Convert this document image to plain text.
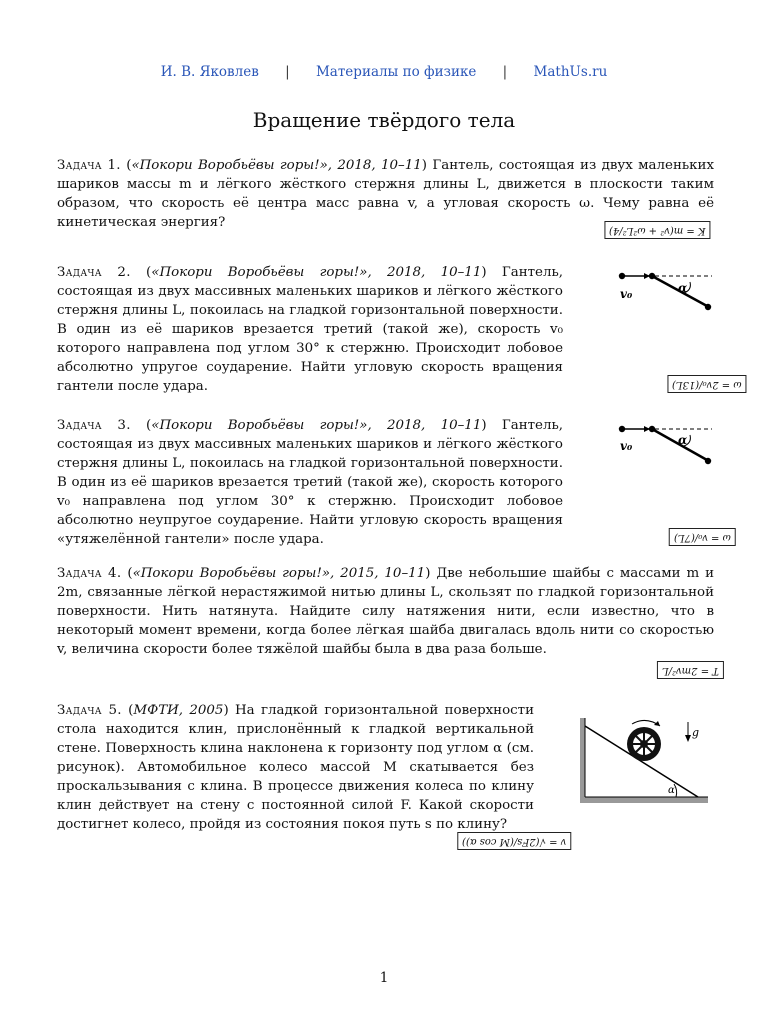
И. В. Яковлев | Материалы по физике | MathUs.ru
Вращение твёрдого тела
Задача 1. («Покори Воробьёвы горы!», 2018, 10–11) Гантель, состоящая из двух маленьких шариков массы m и лёгкого жёсткого стержня длины L, движется в плоскости таким образом, что скорость её центра масс равна v, а угловая скорость ω. Чему равна её кинетическая энергия?
K = m(v² + ω²L²/4)
Задача 2. («Покори Воробьёвы горы!», 2018, 10–11) Гантель, состоящая из двух массивных маленьких шариков и лёгкого жёсткого стержня длины L, покоилась на гладкой горизонтальной поверхности. В один из её шариков врезается третий (такой же), скорость v₀ которого направлена под углом 30° к стержню. Происходит лобовое абсолютно упругое соударение. Найти угловую скорость вращения гантели после удара.
v₀	α
ω = 2v₀/(13L)
Задача 3. («Покори Воробьёвы горы!», 2018, 10–11) Гантель, состоящая из двух массивных маленьких шариков и лёгкого жёсткого стержня длины L, покоилась на гладкой горизонтальной поверхности. В один из её шариков врезается третий (такой же), скорость которого v₀ направлена под углом 30° к стержню. Происходит лобовое абсолютно неупругое соударение. Найти угловую скорость вращения «утяжелённой гантели» после удара.
v₀	α
ω = v₀/(7L)
Задача 4. («Покори Воробьёвы горы!», 2015, 10–11) Две небольшие шайбы с массами m и 2m, связанные лёгкой нерастяжимой нитью длины L, скользят по гладкой горизонтальной поверхности. Нить натянута. Найдите силу натяжения нити, если известно, что в некоторый момент времени, когда более лёгкая шайба двигалась вдоль нити со скоростью v, величина скорости более тяжёлой шайбы была в два раза больше.
T = 2mv²/L
Задача 5. (МФТИ, 2005) На гладкой горизонтальной поверхности стола находится клин, прислонённый к гладкой вертикальной стене. Поверхность клина наклонена к горизонту под углом α (см. рисунок). Автомобильное колесо массой M скатывается без проскальзывания с клина. В процессе движения колеса по клину клин действует на стену с постоянной силой F. Какой скорости достигнет колесо, пройдя из состояния покоя путь s по клину?
g
α
v = √(2Fs/(M cos α))
1
